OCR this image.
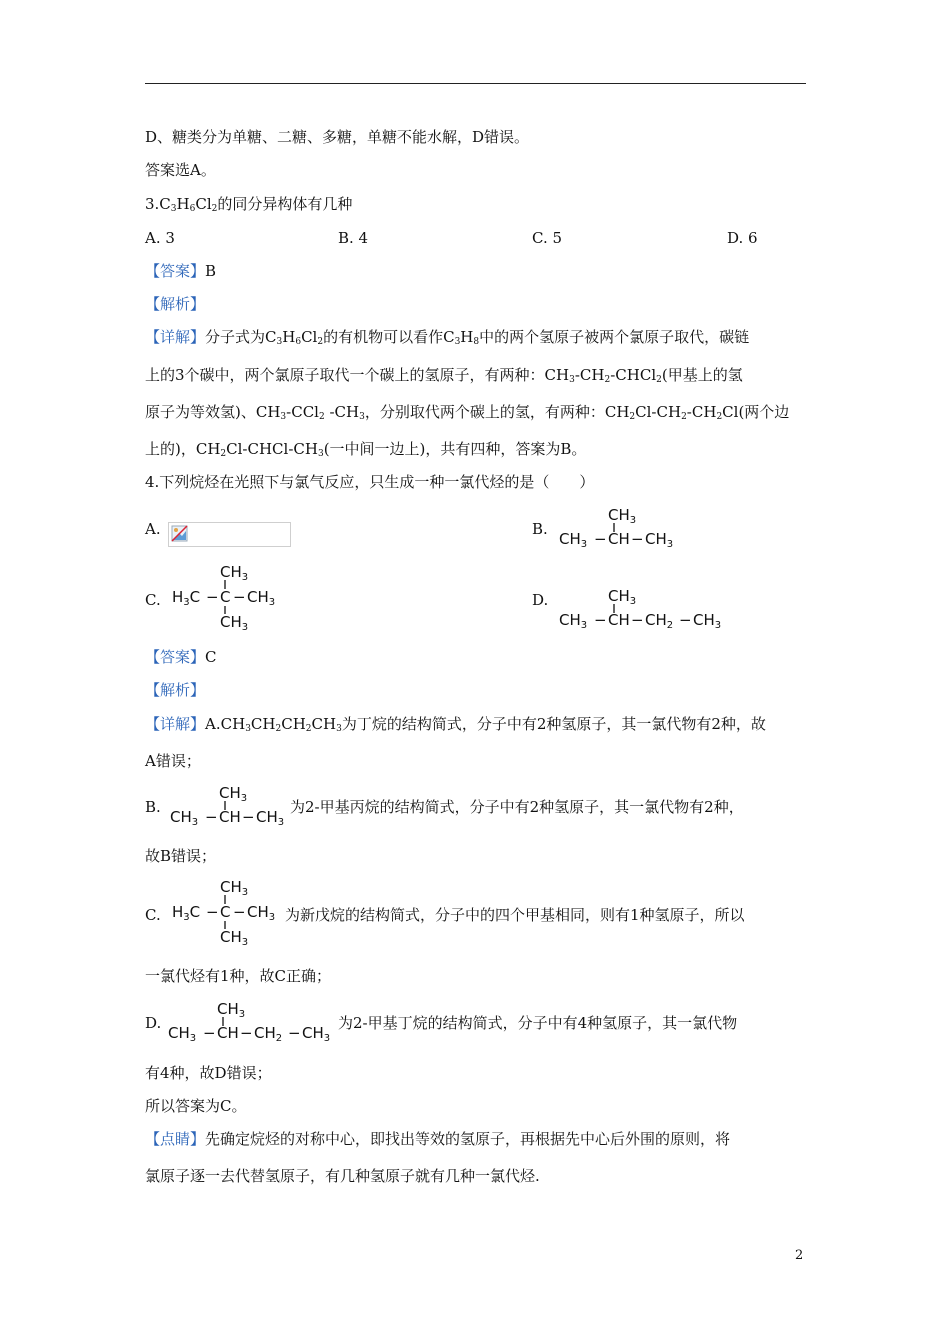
D、糖类分为单糖、二糖、多糖，单糖不能水解，D错误。
答案选A。
$3.C_3H_6Cl_2$的同分异构体有几种
A. 3	B. 4	C. 5	D. 6
【答案】B
【解析】
【详解】分子式为$C_3H_6Cl_2$的有机物可以看作$C_3H_8$中的两个氢原子被两个氯原子取代，碳链
上的3个碳中，两个氯原子取代一个碳上的氢原子，有两种：$CH_3-CH_2-CHCl_2$(甲基上的氢
原子为等效氢)、$CH_3-CCl_2$ $-CH_3$，分别取代两个碳上的氢，有两种：$CH_2Cl-CH_2-CH_2Cl$(两个边
上的)，$CH_2Cl-CHCl-CH_3$(一中间一边上)，共有四种，答案为B。
4.下列烷烃在光照下与氯气反应，只生成一种一氯代烃的是（　　）
A.	B.
$CH_3$
$CH_3$ − CH − $CH_3$
C.
$CH_3$
$H_3C - C - CH_3$
$CH_3$
D.	$CH_3$
$CH_3$ − CH − $CH_2 - CH_3$
【答案】C
【解析】
【详解】$A.CH_3CH_2CH_2CH_3$为丁烷的结构简式，分子中有2种氢原子，其一氯代物有2种，故
A错误；
B.
$CH_3$
$CH_3$ − CH − $CH_3$
为2-甲基丙烷的结构简式，分子中有2种氢原子，其一氯代物有2种，
故B错误；
C.
$CH_3$
$H_3C - C - CH_3$
$CH_3$
为新戊烷的结构简式，分子中的四个甲基相同，则有1种氢原子，所以
一氯代烃有1种，故C正确；
D.
$CH_3$
$CH_3$ − CH − $CH_2 - CH_3$
为2-甲基丁烷的结构简式，分子中有4种氢原子，其一氯代物
有4种，故D错误；
所以答案为C。
【点睛】先确定烷烃的对称中心，即找出等效的氢原子，再根据先中心后外围的原则，将
氯原子逐一去代替氢原子，有几种氢原子就有几种一氯代烃.
2
